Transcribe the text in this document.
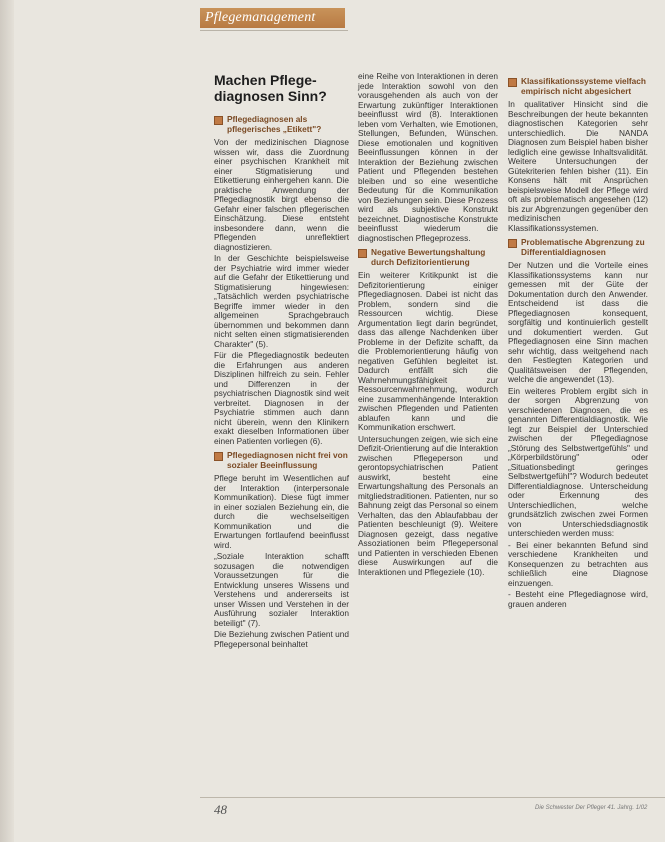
Pflegemanagement
Machen Pflege-
diagnosen Sinn?
Pflegediagnosen als pflegerisches „Etikett"?

Von der medizinischen Diagnose wissen wir, dass die Zuordnung einer psychischen Krankheit mit einer Stigmatisierung und Etikettierung einhergehen kann. Die praktische Anwendung der Pflegediagnostik birgt ebenso die Gefahr einer falschen pflegerischen Einschätzung. Diese entsteht insbesondere dann, wenn die Pflegenden unreflektiert diagnostizieren.

In der Geschichte beispielsweise der Psychiatrie wird immer wieder auf die Gefahr der Etikettierung und Stigmatisierung hingewiesen: „Tatsächlich werden psychiatrische Begriffe immer wieder in den allgemeinen Sprachgebrauch übernommen und bekommen dann nicht selten einen stigmatisierenden Charakter" (5).

Für die Pflegediagnostik bedeuten die Erfahrungen aus anderen Disziplinen hilfreich zu sein. Fehler und Differenzen in der psychiatrischen Diagnostik sind weit verbreitet. Diagnosen in der Psychiatrie stimmen auch dann nicht überein, wenn den Klinikern exakt dieselben Informationen über einen Patienten vorliegen (6).

Pflegediagnosen nicht frei von sozialer Beeinflussung

Pflege beruht im Wesentlichen auf der Interaktion (interpersonale Kommunikation). Diese fügt immer in einer sozialen Beziehung ein, die durch die wechselseitigen Kommunikation und die Erwartungen fortlaufend beeinflusst wird.

„Soziale Interaktion schafft sozusagen die notwendigen Voraussetzungen für die Entwicklung unseres Wissens und Verstehens und andererseits ist unser Wissen und Verstehen in der Ausführung sozialer Interaktion beteiligt" (7).

Die Beziehung zwischen Patient und Pflegepersonal beinhaltet

eine Reihe von Interaktionen in deren jede Interaktion sowohl von den vorausgehenden als auch von der Erwartung zukünftiger Interaktionen beeinflusst wird (8). Interaktionen leben vom Verhalten, wie Emotionen, Stellungen, Befunden, Wünschen. Diese emotionalen und kognitiven Beeinflussungen können in der Interaktion der Beziehung zwischen Patient und Pflegenden bestehen bleiben und so eine wesentliche Bedeutung für die Kommunikation von Beziehungen sein. Diese Prozess wird als subjektive Konstrukt bezeichnet. Diagnostische Konstrukte beeinflusst wiederum die diagnostischen Pflegeprozess.

Negative Bewertungshaltung durch Defizitorientierung

Ein weiterer Kritikpunkt ist die Defizitorientierung einiger Pflegediagnosen. Dabei ist nicht das Problem, sondern sind die Ressourcen wichtig. Diese Argumentation liegt darin begründet, dass das allenge Nachdenken über Probleme in der Defizite schafft, da die Problemorientierung häufig von negativen Gefühlen begleitet ist. Dadurch entfällt sich die Wahrnehmungsfähigkeit zur Ressourcenwahrnehmung, wodurch eine zusammenhängende Interaktion zwischen Pflegenden und Patienten ablaufen kann und die Kommunikation erschwert.

Untersuchungen zeigen, wie sich eine Defizit-Orientierung auf die Interaktion zwischen Pflegeperson und gerontopsychiatrischen Patient auswirkt, besteht eine Erwartungshaltung des Personals an mitgliedstraditionen. Patienten, nur so Bahnung zeigt das Personal so einem Verhalten, das den Ablaufabbau der Patienten beschleunigt (9). Weitere Diagnosen gezeigt, dass negative Assoziationen beim Pflegepersonal und Patienten in verschieden Ebenen diese Auswirkungen auf die Interaktionen und Pflegeziele (10).

Klassifikationssysteme vielfach empirisch nicht abgesichert

In qualitativer Hinsicht sind die Beschreibungen der heute bekannten diagnostischen Kategorien sehr unterschiedlich. Die NANDA Diagnosen zum Beispiel haben bisher lediglich eine gewisse Inhaltsvalidität. Weitere Untersuchungen der Gütekriterien fehlen bisher (11). Ein Konsens hält mit Ansprüchen beispielsweise Modell der Pflege wird oft als problematisch angesehen (12) bis zur Abgrenzungen gegenüber den medizinischen Klassifikationssystemen.

Problematische Abgrenzung zu Differentialdiagnosen

Der Nutzen und die Vorteile eines Klassifikationssystems kann nur gemessen mit der Güte der Dokumentation durch den Anwender. Entscheidend ist dass die Pflegediagnosen konsequent, sorgfältig und kontinuierlich gestellt und dokumentiert werden. Gut Pflegediagnosen eine Sinn machen sehr wichtig, dass weitgehend nach den Festlegten Kategorien und Qualitätsweisen der Pflegenden, welche die angewendet (13).

Ein weiteres Problem ergibt sich in der sorgen Abgrenzung von verschiedenen Diagnosen, die es genannten Differentialdiagnostik. Wie legt zur Beispiel der Unterschied zwischen der Pflegediagnose „Störung des Selbstwertgefühls" und „Körperbildstörung" oder „Situationsbedingt geringes Selbstwertgefühl"? Wodurch bedeutet Differentialdiagnose. Unterscheidung oder Erkennung des Unterschiedlichen, welche grundsätzlich zwischen zwei Formen von Unterschiedsdiagnostik unterschieden werden muss:

- Bei einer bekannten Befund sind verschiedene Krankheiten und Konsequenzen zu betrachten aus schließlich eine Diagnose einzuengen.

- Besteht eine Pflegediagnose wird, grauen anderen

48	Die Schwester Der Pfleger 41. Jahrg. 1/02
